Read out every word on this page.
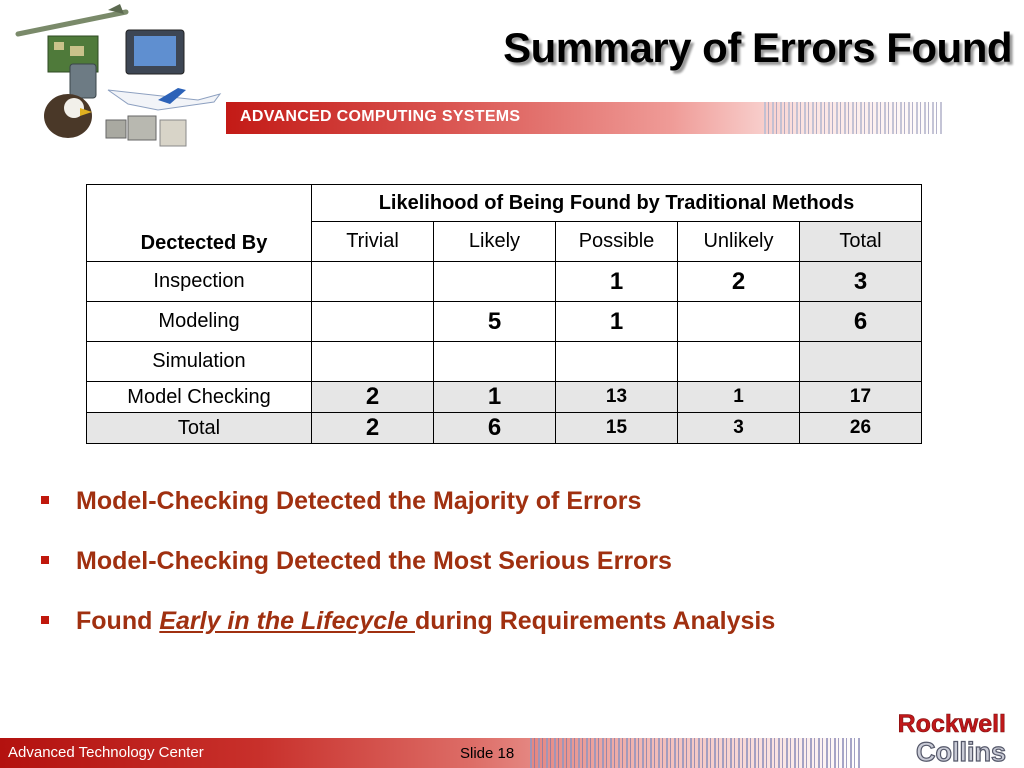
Summary of Errors Found
ADVANCED COMPUTING SYSTEMS
Dectected By	Likelihood of Being Found by Traditional Methods				
	Trivial	Likely	Possible	Unlikely	Total
Inspection			1	2	3
Modeling		5	1		6
Simulation					
Model Checking	2	1	13	1	17
Total	2	6	15	3	26
Model-Checking Detected the Majority of Errors
Model-Checking Detected the Most Serious Errors
Found Early in the Lifecycle during Requirements Analysis
Advanced Technology Center	Slide 18
Rockwell
Collins
